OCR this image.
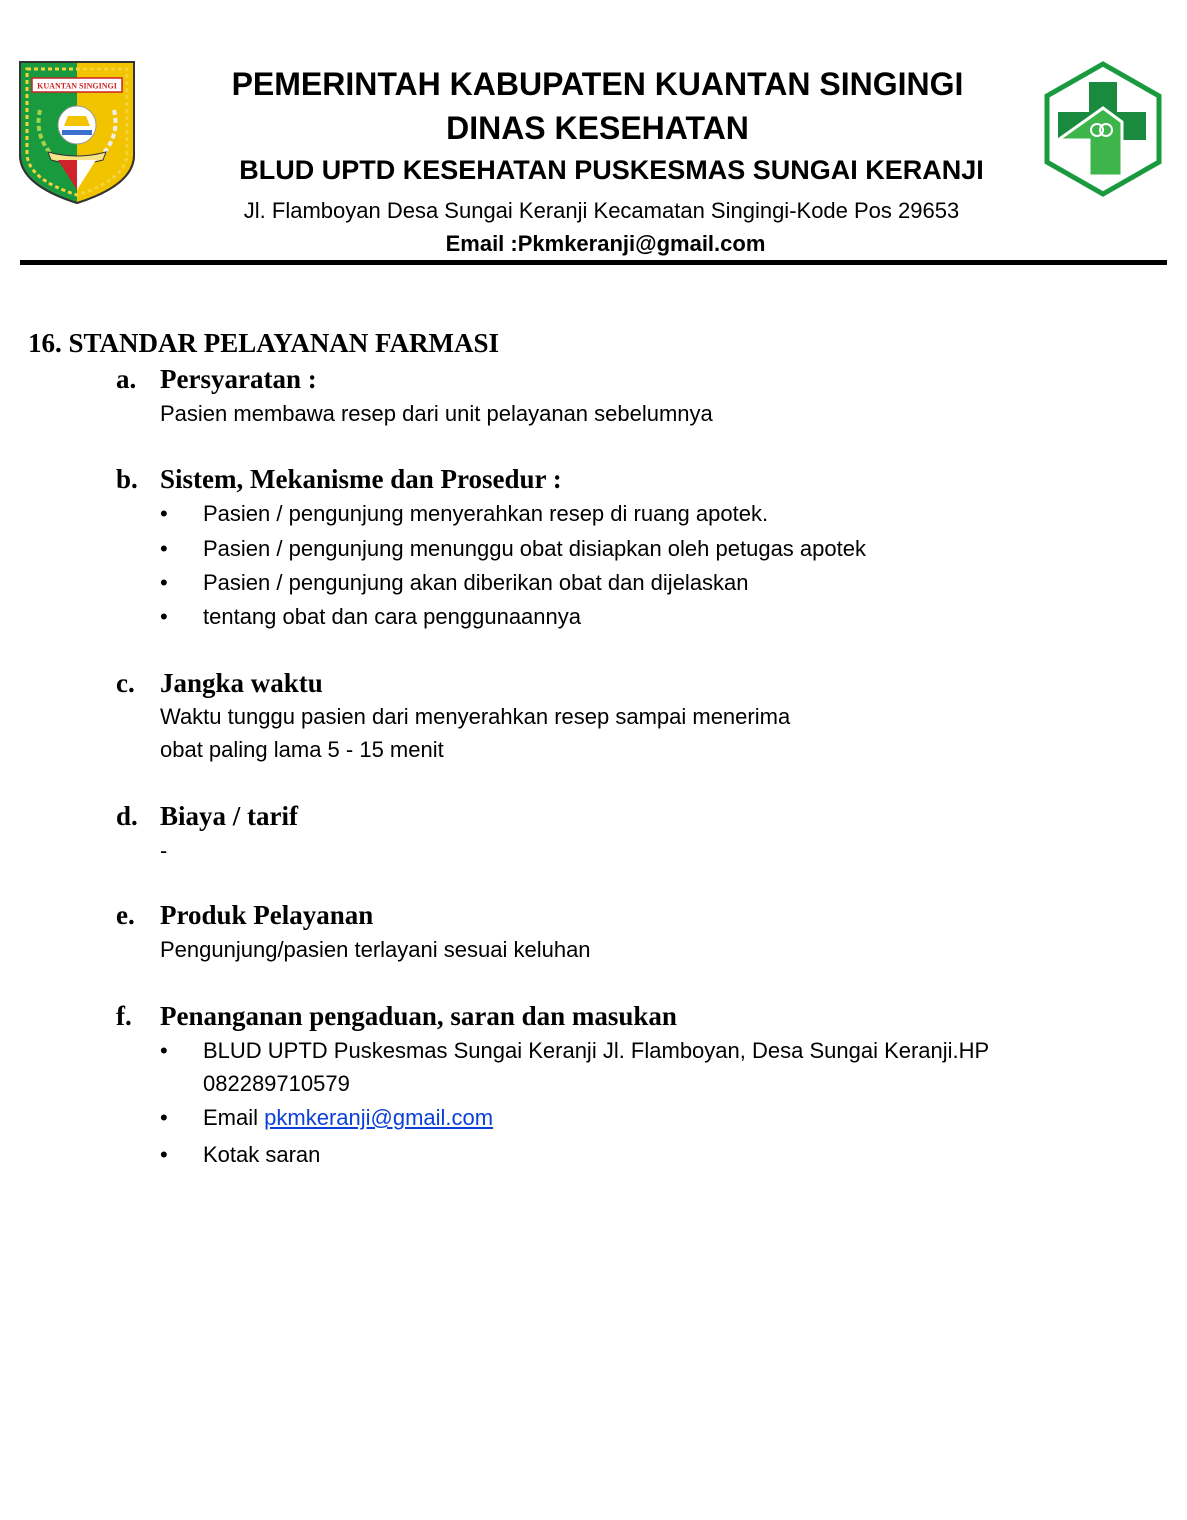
KUANTAN SINGINGI	PEMERINTAH KABUPATEN KUANTAN SINGINGI
DINAS KESEHATAN
BLUD UPTD KESEHATAN PUSKESMAS SUNGAI KERANJI
Jl. Flamboyan Desa Sungai Keranji Kecamatan Singingi-Kode Pos 29653
Email :Pkmkeranji@gmail.com
16. STANDAR PELAYANAN FARMASI
a. Persyaratan :
Pasien membawa resep dari unit pelayanan sebelumnya
b. Sistem, Mekanisme dan Prosedur :
•	Pasien / pengunjung menyerahkan resep di ruang apotek.
•	Pasien / pengunjung menunggu obat disiapkan oleh petugas apotek
•	Pasien / pengunjung akan diberikan obat dan dijelaskan
•	tentang obat dan cara penggunaannya
c. Jangka waktu
Waktu tunggu pasien dari menyerahkan resep sampai menerima
obat paling lama 5 - 15 menit
d. Biaya / tarif
-
e. Produk Pelayanan
Pengunjung/pasien terlayani sesuai keluhan
f. Penanganan pengaduan, saran dan masukan
•	BLUD UPTD Puskesmas Sungai Keranji Jl. Flamboyan, Desa Sungai Keranji.HP 082289710579
•	Email pkmkeranji@gmail.com
•	Kotak saran
